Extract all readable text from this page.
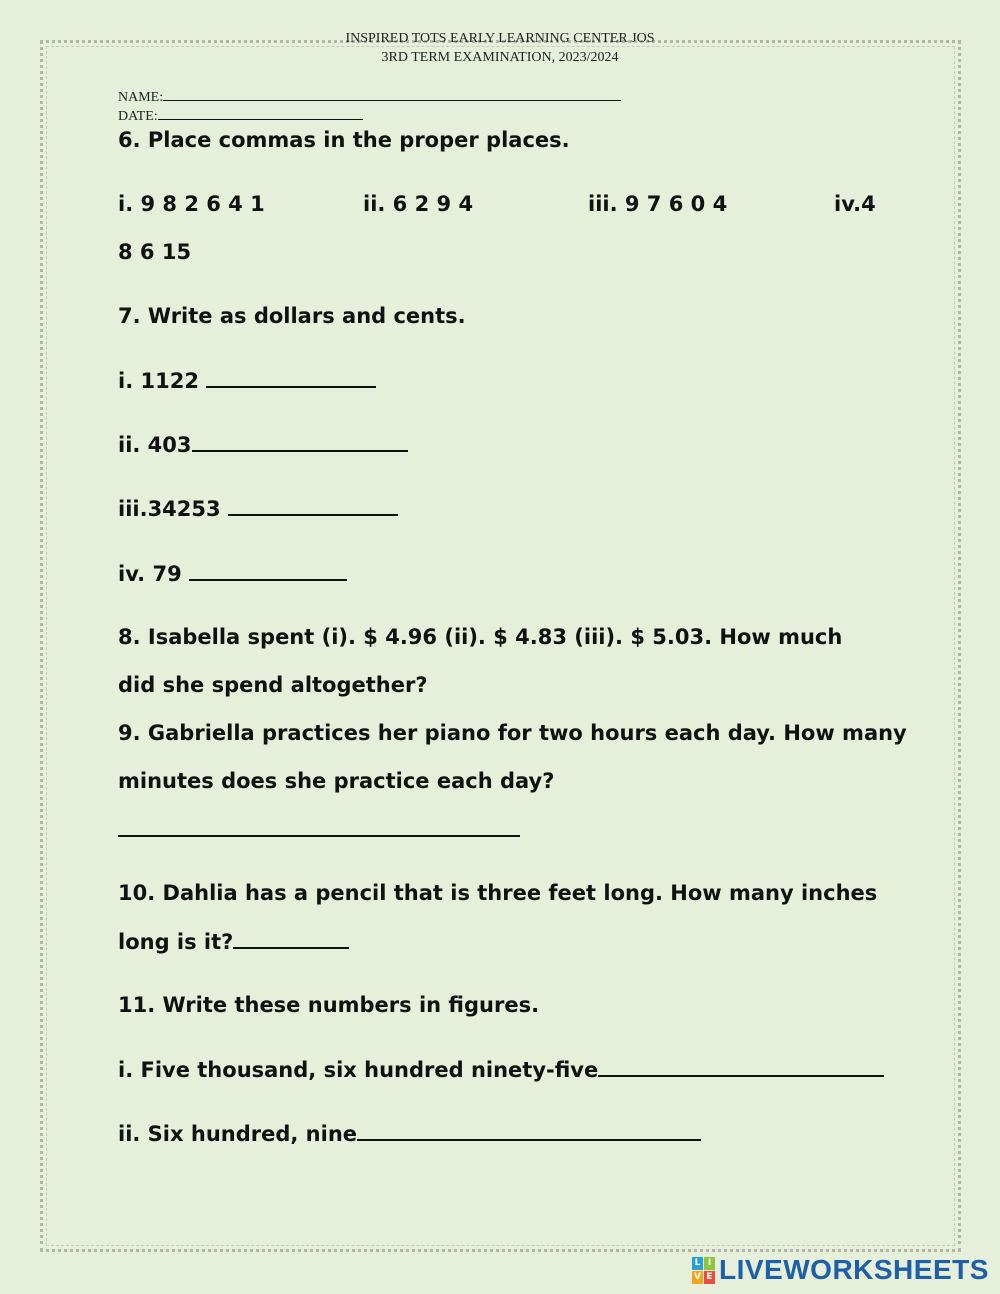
INSPIRED TOTS EARLY LEARNING CENTER JOS
3RD TERM EXAMINATION, 2023/2024
NAME:
DATE:
6. Place commas in the proper places.
i. 9 8 2 6 4 1	ii. 6 2 9 4	iii. 9 7 6 0 4	iv.4
8 6 15
7. Write as dollars and cents.
i. 1122
ii. 403
iii.34253
iv. 79
8. Isabella spent (i). $ 4.96 (ii). $ 4.83 (iii). $ 5.03. How much
did she spend altogether?
9. Gabriella practices her piano for two hours each day. How many
minutes does she practice each day?
10. Dahlia has a pencil that is three feet long. How many inches
long is it?
11. Write these numbers in figures.
i. Five thousand, six hundred ninety-five
ii. Six hundred, nine
L I
V E LIVEWORKSHEETS
